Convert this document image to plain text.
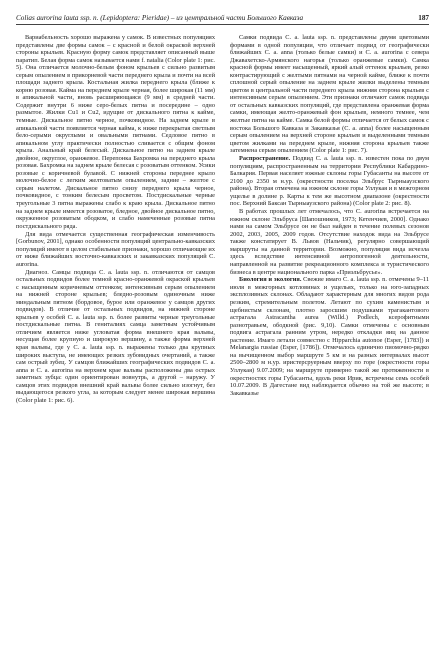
Colias aurorina lauta ssp. n. (Lepidoptera: Pieridae) – из центральной части Большого Кавказа	187

Вариабельность хорошо выражена у самок. В известных популяциях представлены две формы самок – с красной и белой окраской верхней стороны крыльев. Красную форму самок представляет описанный выше паратип. Белая форма самок называется нами f. natalia (Color plate 1: рис. 5). Она отличается молочно-белым фоном крыльев с сильно развитым серым опылением в прикорневой части переднего крыла и почти на всей площади заднего крыла. Костальная жилка переднего крыла (ближе к корню розовая. Кайма на переднем крыле черная, более широкая (11 мм) в апикальной части, вновь расширяющаяся (9 мм) в средней части. Содержит внутри 6 ниже серо-белых пятна и посередине – одно размытое. Жилки Cu1 и Cu2, идущие от дискального пятна к кайме, темные. Дискальное пятно черное, почковидное. На заднем крыле в апикальной части появляется черная кайма, к ниже перекрытая светлым бело-серыми округлыми и овальными пятнами. Седловое пятно в апикальном углу практически полностью сливается с общим фоном крыла. Анальный край белесый. Дискальное пятно на заднем крыле двойное, округлое, оранжевое. Перепонкa Бахромка на переднего крыла розовая. Бахромка на заднем крыле белесая с розоватым оттенком. Усики розовые с коричневой булавой. С нижней стороны переднее крыло молочно-белое с легким желтоватым опылением, задние – желтое с серым налетом. Дискальное пятно снизу переднего крыла черное, почковидное, с тонким белесым просветом. Постдискальные черные треугольные 3 пятна выражены слабо к краю крыла. Дискальное пятно на заднем крыле имеется розоватое, бледное, двойное дискальное пятно, окруженное розоватым ободком, и слабо намеченные розовые пятна постдискального ряда.

Для вида отмечается существенная географическая изменчивость [Gorbunov, 2001], однако особенности популяций центрально-кавказских популяций имеют в целом стабильные признаки, хорошо отличающие их от ниже ближайших восточно-кавказских и закавказских популяций C. aurorina.

Диагноз. Самцы подвида C. a. lauta ssp. n. отличаются от самцов остальных подвидов более темной красно-оранжевой окраской крыльев с насыщенным коричневым оттенком; интенсивным серым опылением на нижней стороне крыльев; бледно-розовым одиночным ниже миндальным пятном (бордовое, бурое или оранжевое у самцов других подвидов). В отличие от остальных подвидов, на нижней стороне крыльев у особей C. a. lauta ssp. n. более развиты черные треугольные постдискальные пятна. В гениталиях самца заметным устойчивым отличием является ниже угловатая форма внешнего края вальвы, несущая более крупную и широкую вершину, а также форма верхней края вальвы, где у C. a. lauta ssp. n. выражены только два крупных широких выступа, не имеющих резких зубовидных очертаний, а также сам острый зубец. У самцов ближайших географических подвидов C. a. anna и C. a. aurorina на верхнем крае вальвы расположены два острых заметных зубца: один ориентирован вовнутрь, а другой – наружу. У самцов этих подвидов внешний край вальвы более сильно изогнут, без выдающегося резкого угла, за которым следует менее широкая вершина (Color plate 1: рис. 6).

Самки подвида C. a. lauta ssp. n. представлены двумя цветовыми формами в одной популяции, что отличает подвид от географически ближайших C. a. anna (только белые самки) и C. a. aurorina с севера Джавахетско-Армянского нагорья (только оранжевые самки). Самка красной формы имеет насыщенный, яркий алый оттенок крыльев, резко контрастирующий с желтыми пятнами на черной кайме, ближе к почти сплошной серый опыление на заднем крыле жилки выделены темным цветом в центральной части переднего крыла нижняя сторона крыльев с интенсивным серым опылением. Эти признаки отличают самок подвида от остальных кавказских популяций, где представлена оранжевая форма самки, имеющая желто-оранжевый фон крыльев, немного темнее, чем желтые пятна на кайме. Самка белой формы отличается от белых самок с востока Большого Кавказа и Закавказья (C. a. anna) более насыщенным серым опылением на верхней стороне крыльев и выделенными темным цветом жилками на переднем крыле, нижняя сторона крыльев также затемнена серым опылением (Color plate 1: рис. 7).

Распространение. Подвид C. a. lauta ssp. n. известен пока по двум популяциям, распространенным на территории Республики Кабардино-Балкария. Первая населяет южные склоны горы Губасанты на высоте от 2100 до 2350 м н.ур. (окрестности поселка Эльбрус Тырныаузского района). Вторая отмечена на южном склоне горы Уллукая и в межгорном ущелье в долине р. Карты к тем же высотном диапазоне (окрестности пос. Верхний Баксан Тырныаузского района) (Color plate 2: рис. 8).

В работах прошлых лет отмечалось, что C. aurorina встречается на южном склоне Эльбруса [Шапошников, 1973; Кетенчиев, 2000]. Однако нами на самом Эльбрусе он не был найден в течение полевых сезонов 2002, 2003, 2005, 2009 годов. Отсутствие находок вида на Эльбрусе также констатирует В. Львов (Нальчик), регулярно совершающий маршруты на данной территории. Возможно, популяция вида исчезла здесь вследствие интенсивной антропогенной деятельности, направленной на развитие рекреационного комплекса и туристического бизнеса в центре национального парка «Приэльбрусье».

Биология и экология. Свежие имаго C. a. lauta ssp. n. отмечены 9–11 июля в межгорных котловинах и ущельях, только на юго-западных эксплозивных склонах. Обладают характерным для многих видов рода резким, стремительным полетом. Летают по сухим каменистым и щебнистым склонам, плотно заросшим подушками трагакантового астрагала Astracanthа aurea (Willd.) Podlech, ксерофитными разнотравьем, ободкной (рис. 9,10). Самки отмечены с основным подвига астрагала ранним утром, нередко откладки яиц на данное растение. Имаго летали совместно с Hipparchia autonoe (Esper, [1783]) и Melanargia russiae (Esper, [1786]). Отмечалось единично пиомочно-рядко на вычищенном выбор маршруте 5 км и на разных интервалах высот 2500–2800 м н.ур. иристерсруерным вверху по горе (окрестности горы Уллукая) 9.07.2009; на маршруте примерно такой же протяженности в окрестностях горы Губасанты, вдоль реки Ирик, встречены семь особей 10.07.2009. В Дагестане вид наблюдается обычно на той же высоте; в Закавказье
